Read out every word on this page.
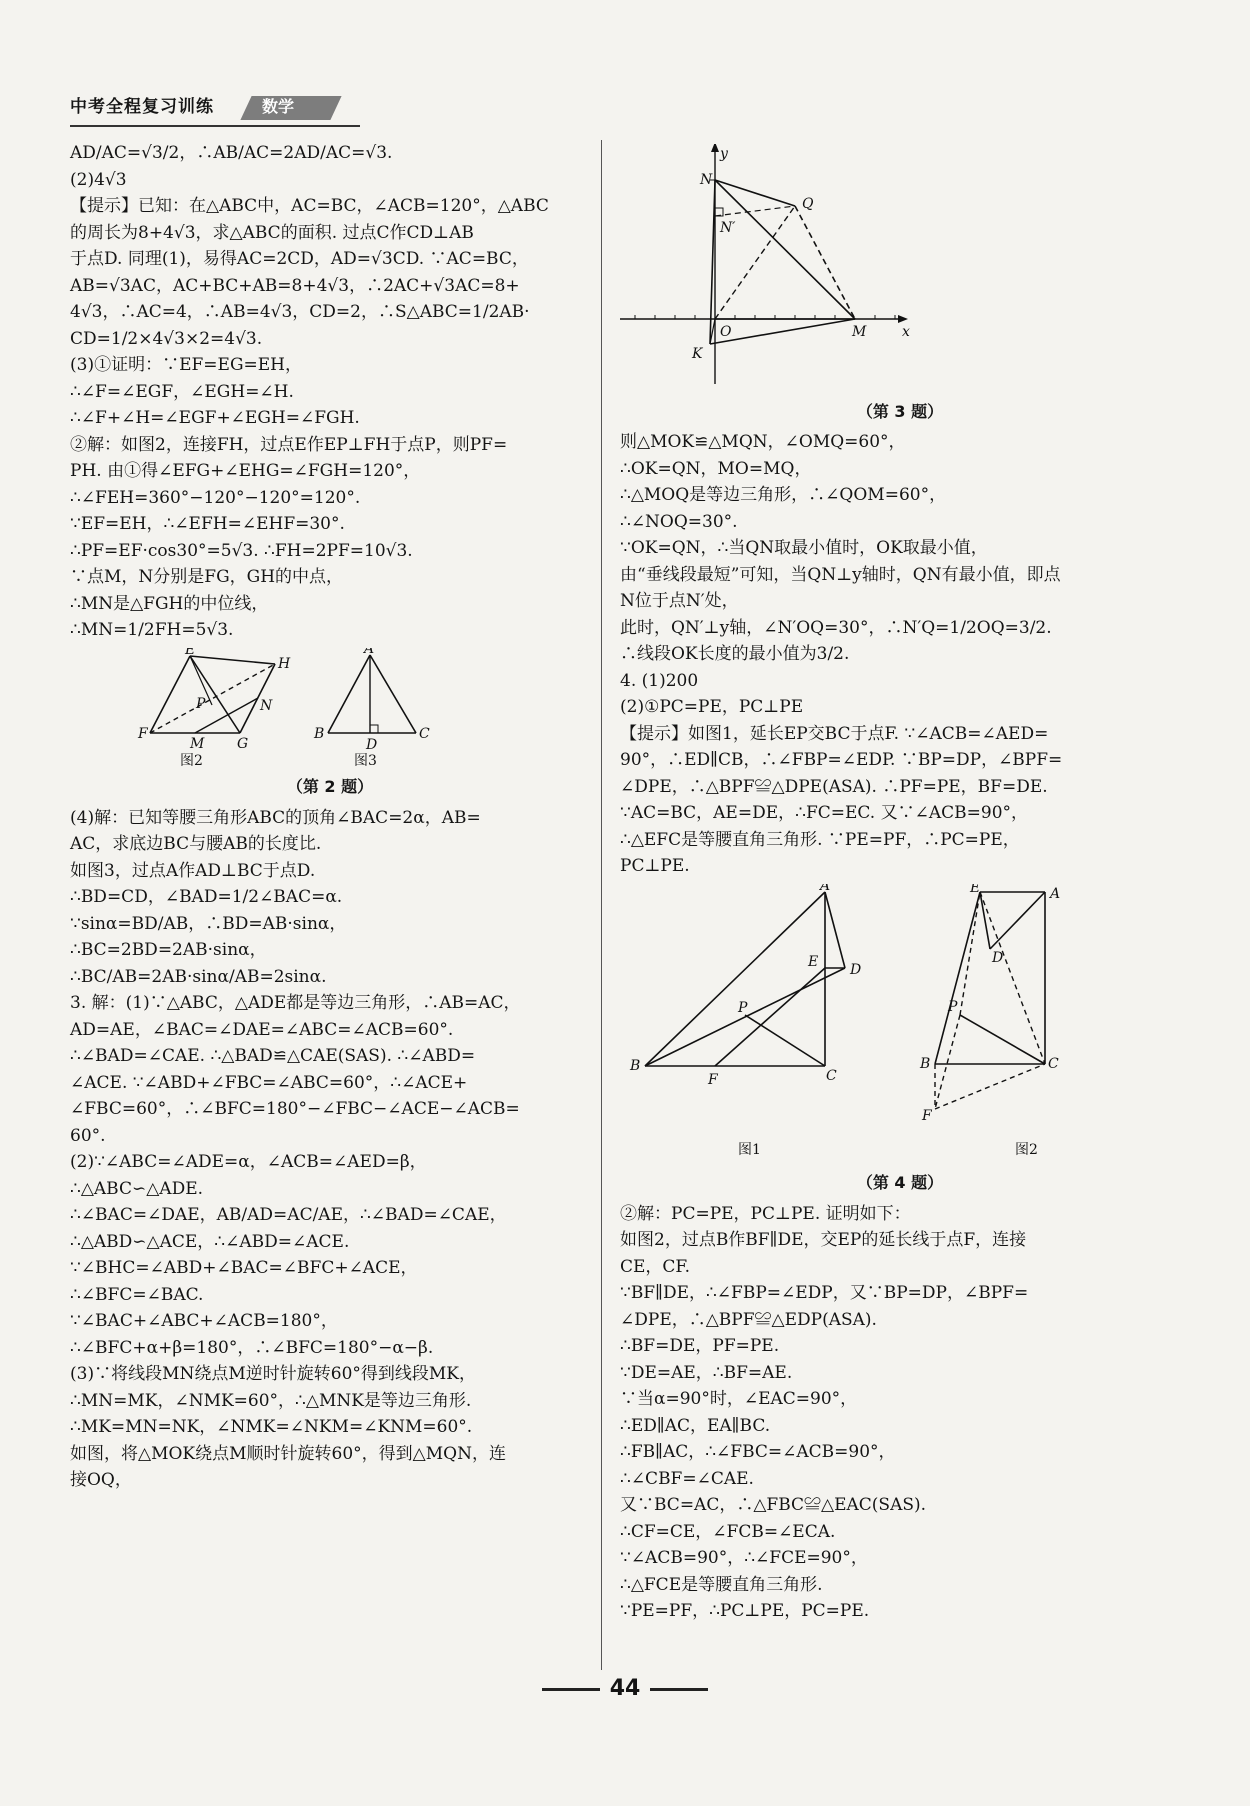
中考全程复习训练	数学
AD/AC=√3/2，∴AB/AC=2AD/AC=√3.
(2)4√3
【提示】已知：在△ABC中，AC=BC，∠ACB=120°，△ABC
的周长为8+4√3，求△ABC的面积. 过点C作CD⊥AB
于点D. 同理(1)，易得AC=2CD，AD=√3CD. ∵AC=BC，
AB=√3AC，AC+BC+AB=8+4√3，∴2AC+√3AC=8+
4√3，∴AC=4，∴AB=4√3，CD=2，∴S△ABC=1/2AB·
CD=1/2×4√3×2=4√3.
(3)①证明：∵EF=EG=EH，
∴∠F=∠EGF，∠EGH=∠H.
∴∠F+∠H=∠EGF+∠EGH=∠FGH.
②解：如图2，连接FH，过点E作EP⊥FH于点P，则PF=
PH. 由①得∠EFG+∠EHG=∠FGH=120°，
∴∠FEH=360°−120°−120°=120°.
∵EF=EH，∴∠EFH=∠EHF=30°.
∴PF=EF·cos30°=5√3. ∴FH=2PF=10√3.
∵点M，N分别是FG，GH的中点，
∴MN是△FGH的中位线，
∴MN=1/2FH=5√3.
F
E
H
N
G
M
P
图2
A
B	C
D
图3
（第 2 题）
(4)解：已知等腰三角形ABC的顶角∠BAC=2α，AB=
AC，求底边BC与腰AB的长度比.
如图3，过点A作AD⊥BC于点D.
∴BD=CD，∠BAD=1/2∠BAC=α.
∵sinα=BD/AB，∴BD=AB·sinα，
∴BC=2BD=2AB·sinα，
∴BC/AB=2AB·sinα/AB=2sinα.
3. 解：(1)∵△ABC，△ADE都是等边三角形，∴AB=AC，
AD=AE，∠BAC=∠DAE=∠ABC=∠ACB=60°.
∴∠BAD=∠CAE. ∴△BAD≌△CAE(SAS). ∴∠ABD=
∠ACE. ∵∠ABD+∠FBC=∠ABC=60°，∴∠ACE+
∠FBC=60°，∴∠BFC=180°−∠FBC−∠ACE−∠ACB=
60°.
(2)∵∠ABC=∠ADE=α，∠ACB=∠AED=β，
∴△ABC∽△ADE.
∴∠BAC=∠DAE，AB/AD=AC/AE，∴∠BAD=∠CAE，
∴△ABD∽△ACE，∴∠ABD=∠ACE.
∵∠BHC=∠ABD+∠BAC=∠BFC+∠ACE，
∴∠BFC=∠BAC.
∵∠BAC+∠ABC+∠ACB=180°，
∴∠BFC+α+β=180°，∴∠BFC=180°−α−β.
(3)∵将线段MN绕点M逆时针旋转60°得到线段MK，
∴MN=MK，∠NMK=60°，∴△MNK是等边三角形.
∴MK=MN=NK，∠NMK=∠NKM=∠KNM=60°.
如图，将△MOK绕点M顺时针旋转60°，得到△MQN，连
接OQ，
y
x
N
N′
Q
O	M
K
（第 3 题）
则△MOK≌△MQN，∠OMQ=60°，
∴OK=QN，MO=MQ，
∴△MOQ是等边三角形，∴∠QOM=60°，
∴∠NOQ=30°.
∵OK=QN，∴当QN取最小值时，OK取最小值，
由“垂线段最短”可知，当QN⊥y轴时，QN有最小值，即点
N位于点N′处，
此时，QN′⊥y轴，∠N′OQ=30°，∴N′Q=1/2OQ=3/2.
∴线段OK长度的最小值为3/2.
4. (1)200
(2)①PC=PE，PC⊥PE
【提示】如图1，延长EP交BC于点F. ∵∠ACB=∠AED=
90°，∴ED∥CB，∴∠FBP=∠EDP. ∵BP=DP，∠BPF=
∠DPE，∴△BPF≌△DPE(ASA). ∴PF=PE，BF=DE.
∵AC=BC，AE=DE，∴FC=EC. 又∵∠ACB=90°，
∴△EFC是等腰直角三角形. ∵PE=PF，∴PC=PE，
PC⊥PE.
A
E D
P
B
F	C
图1
E	A
D
P
B	C
F
图2
（第 4 题）
②解：PC=PE，PC⊥PE. 证明如下：
如图2，过点B作BF∥DE，交EP的延长线于点F，连接
CE，CF.
∵BF∥DE，∴∠FBP=∠EDP，又∵BP=DP，∠BPF=
∠DPE，∴△BPF≌△EDP(ASA).
∴BF=DE，PF=PE.
∵DE=AE，∴BF=AE.
∵当α=90°时，∠EAC=90°，
∴ED∥AC，EA∥BC.
∴FB∥AC，∴∠FBC=∠ACB=90°，
∴∠CBF=∠CAE.
又∵BC=AC，∴△FBC≌△EAC(SAS).
∴CF=CE，∠FCB=∠ECA.
∵∠ACB=90°，∴∠FCE=90°，
∴△FCE是等腰直角三角形.
∵PE=PF，∴PC⊥PE，PC=PE.
44
